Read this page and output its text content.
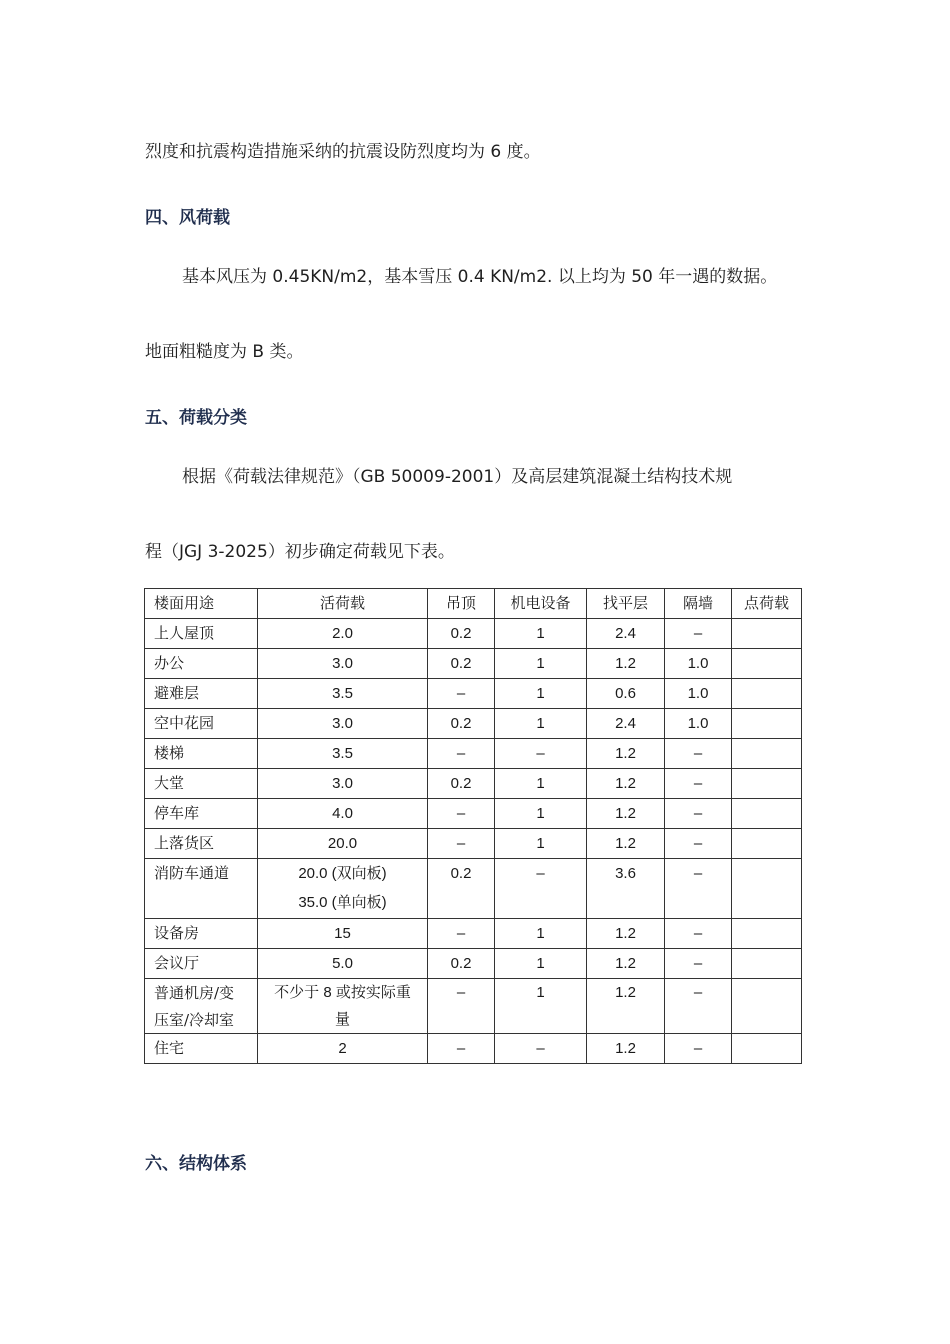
烈度和抗震构造措施采纳的抗震设防烈度均为 6 度。
四、风荷载
基本风压为 0.45KN/m2，基本雪压 0.4 KN/m2. 以上均为 50 年一遇的数据。
地面粗糙度为 B 类。
五、荷载分类
根据《荷载法律规范》（GB 50009-2001）及高层建筑混凝土结构技术规
程（JGJ 3-2025）初步确定荷载见下表。
楼面用途	活荷载	吊顶	机电设备	找平层	隔墙	点荷载
上人屋顶	2.0	0.2	1	2.4	–	
办公	3.0	0.2	1	1.2	1.0	
避难层	3.5	–	1	0.6	1.0	
空中花园	3.0	0.2	1	2.4	1.0	
楼梯	3.5	–	–	1.2	–	
大堂	3.0	0.2	1	1.2	–	
停车库	4.0	–	1	1.2	–	
上落货区	20.0	–	1	1.2	–	

消防车通道	20.0 (双向板)
35.0 (单向板)	0.2	–	3.6	–	

设备房	15	–	1	1.2	–	
会议厅	5.0	0.2	1	1.2	–	

普通机房/变
压室/冷却室	不少于 8 或按实际重
量	–	1	1.2	–	

住宅	2	–	–	1.2	–	
六、结构体系
